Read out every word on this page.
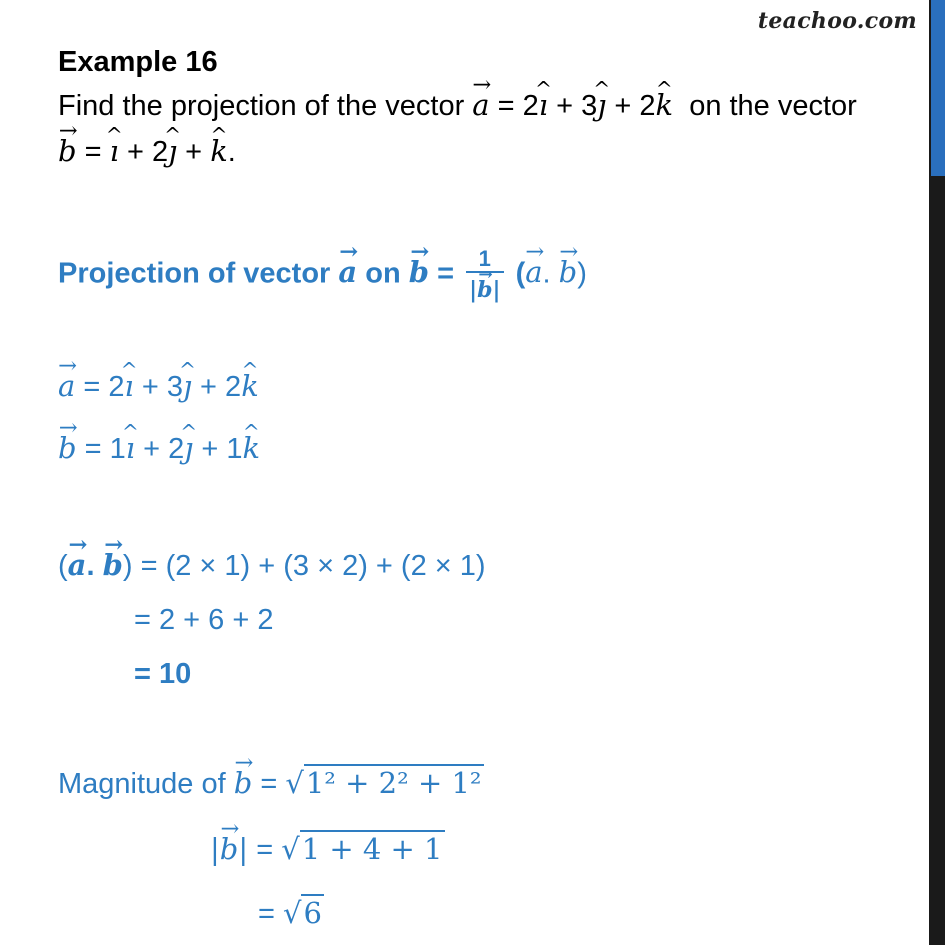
teachoo.com
Example 16
Find the projection of the vector → a = 2^ ı + 3^ ȷ + 2^ k on the vector
→ b = ^ ı + 2^ ȷ + ^ k.
Projection of vector → a on → $b = \frac{1}{|\to b|}$ (→ a. → b)
→ a = 2^ ı + 3^ ȷ + 2^ k
→ b = 1^ ı + 2^ ȷ + 1^ k
(→ a. → b) = (2 × 1) + (3 × 2) + (2 × 1)
= 2 + 6 + 2
= 10
Magnitude of → b = √1² + 2² + 1²
|→ b| = √1 + 4 + 1
= √6
